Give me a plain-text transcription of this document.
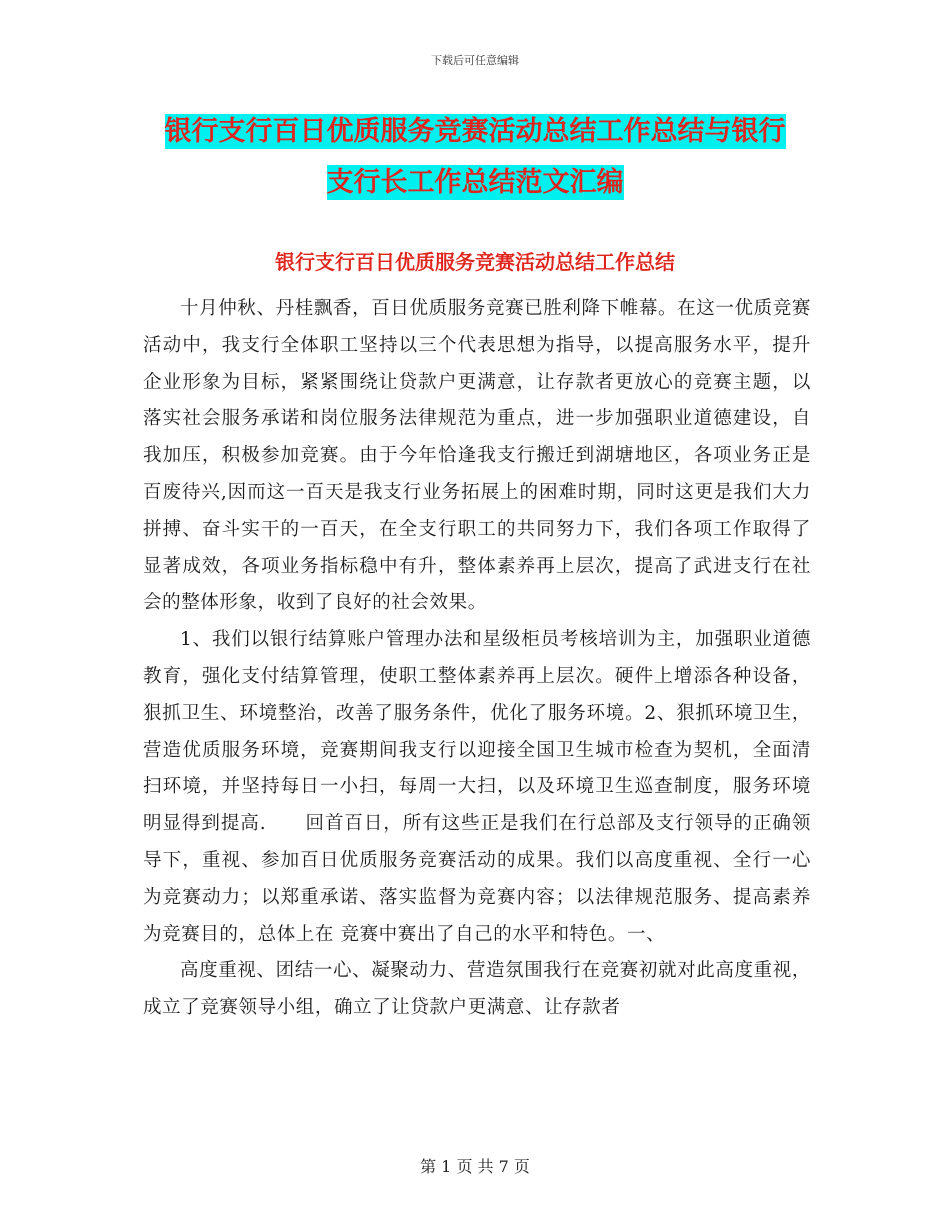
下载后可任意编辑
银行支行百日优质服务竞赛活动总结工作总结与银行
支行长工作总结范文汇编
银行支行百日优质服务竞赛活动总结工作总结

十月仲秋、丹桂飘香，百日优质服务竞赛已胜利降下帷幕。在这一优质竞赛活动中，我支行全体职工坚持以三个代表思想为指导，以提高服务水平，提升企业形象为目标，紧紧围绕让贷款户更满意，让存款者更放心的竞赛主题，以落实社会服务承诺和岗位服务法律规范为重点，进一步加强职业道德建设，自我加压，积极参加竞赛。由于今年恰逢我支行搬迁到湖塘地区，各项业务正是百废待兴,因而这一百天是我支行业务拓展上的困难时期，同时这更是我们大力拼搏、奋斗实干的一百天，在全支行职工的共同努力下，我们各项工作取得了显著成效，各项业务指标稳中有升，整体素养再上层次，提高了武进支行在社会的整体形象，收到了良好的社会效果。

1、我们以银行结算账户管理办法和星级柜员考核培训为主，加强职业道德教育，强化支付结算管理，使职工整体素养再上层次。硬件上增添各种设备，狠抓卫生、环境整治，改善了服务条件，优化了服务环境。2、狠抓环境卫生，营造优质服务环境，竞赛期间我支行以迎接全国卫生城市检查为契机，全面清扫环境，并坚持每日一小扫，每周一大扫，以及环境卫生巡查制度，服务环境明显得到提高.　　回首百日，所有这些正是我们在行总部及支行领导的正确领导下，重视、参加百日优质服务竞赛活动的成果。我们以高度重视、全行一心为竞赛动力；以郑重承诺、落实监督为竞赛内容；以法律规范服务、提高素养为竞赛目的，总体上在 竞赛中赛出了自己的水平和特色。一、

高度重视、团结一心、凝聚动力、营造氛围我行在竞赛初就对此高度重视，成立了竞赛领导小组，确立了让贷款户更满意、让存款者

第 1 页 共 7 页
